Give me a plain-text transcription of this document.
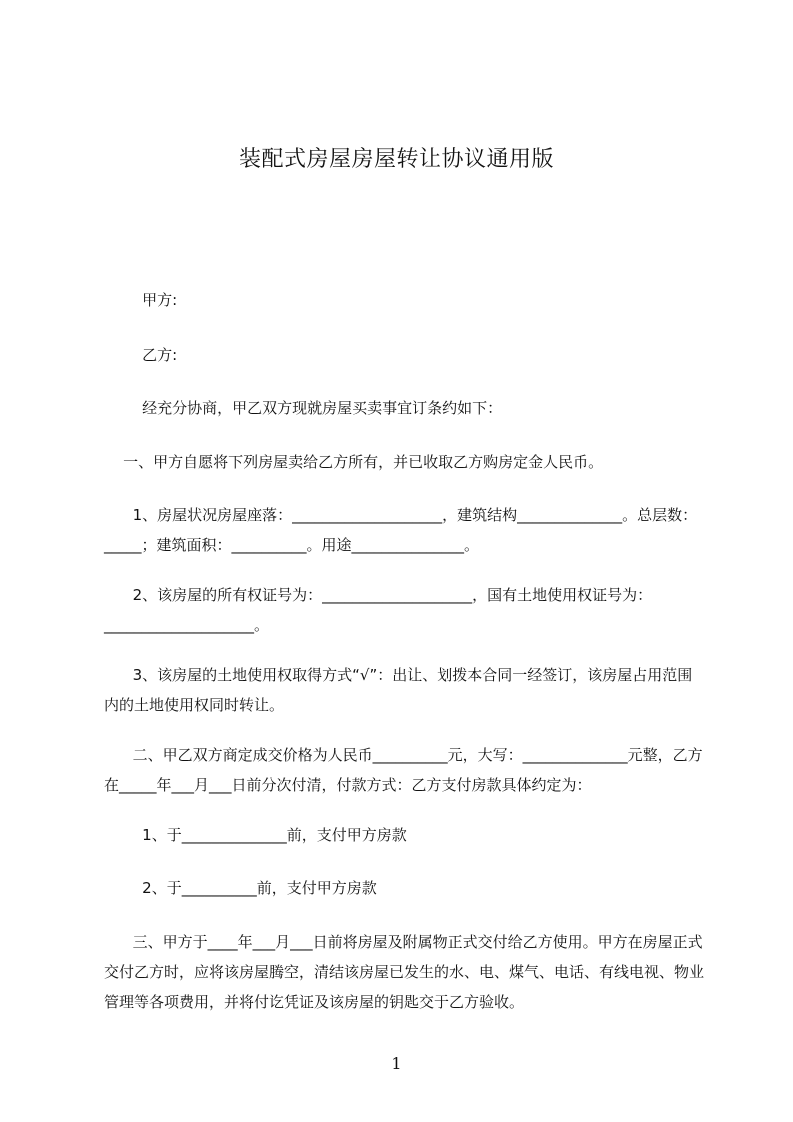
装配式房屋房屋转让协议通用版
甲方:
乙方:
经充分协商，甲乙双方现就房屋买卖事宜订条约如下：
一、甲方自愿将下列房屋卖给乙方所有，并已收取乙方购房定金人民币。
1、房屋状况房屋座落：____________________，建筑结构______________。总层数：_____；建筑面积：__________。用途_______________。
2、该房屋的所有权证号为：____________________，国有土地使用权证号为：____________________。
3、该房屋的土地使用权取得方式“√”：出让、划拨本合同一经签订，该房屋占用范围内的土地使用权同时转让。
二、甲乙双方商定成交价格为人民币__________元，大写：______________元整，乙方在_____年___月___日前分次付清，付款方式：乙方支付房款具体约定为：
1、于______________前，支付甲方房款
2、于__________前，支付甲方房款
三、甲方于____年___月___日前将房屋及附属物正式交付给乙方使用。甲方在房屋正式交付乙方时，应将该房屋腾空，清结该房屋已发生的水、电、煤气、电话、有线电视、物业管理等各项费用，并将付讫凭证及该房屋的钥匙交于乙方验收。
1
